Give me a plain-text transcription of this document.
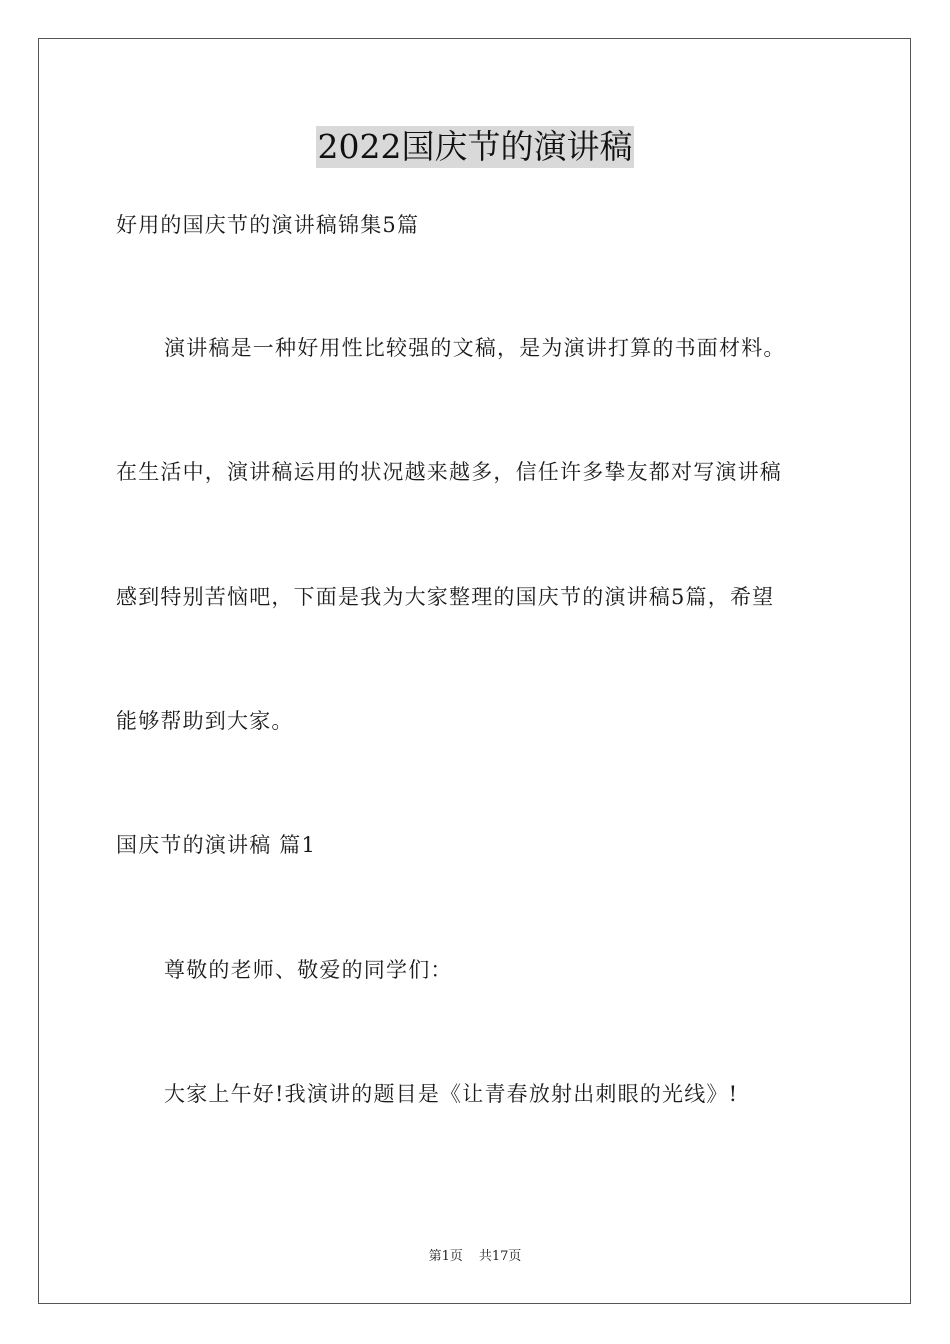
2022国庆节的演讲稿
好用的国庆节的演讲稿锦集5篇
演讲稿是一种好用性比较强的文稿，是为演讲打算的书面材料。
在生活中，演讲稿运用的状况越来越多，信任许多挚友都对写演讲稿
感到特别苦恼吧，下面是我为大家整理的国庆节的演讲稿5篇，希望
能够帮助到大家。
国庆节的演讲稿 篇1
尊敬的老师、敬爱的同学们：
大家上午好!我演讲的题目是《让青春放射出刺眼的光线》!
第1页 共17页
